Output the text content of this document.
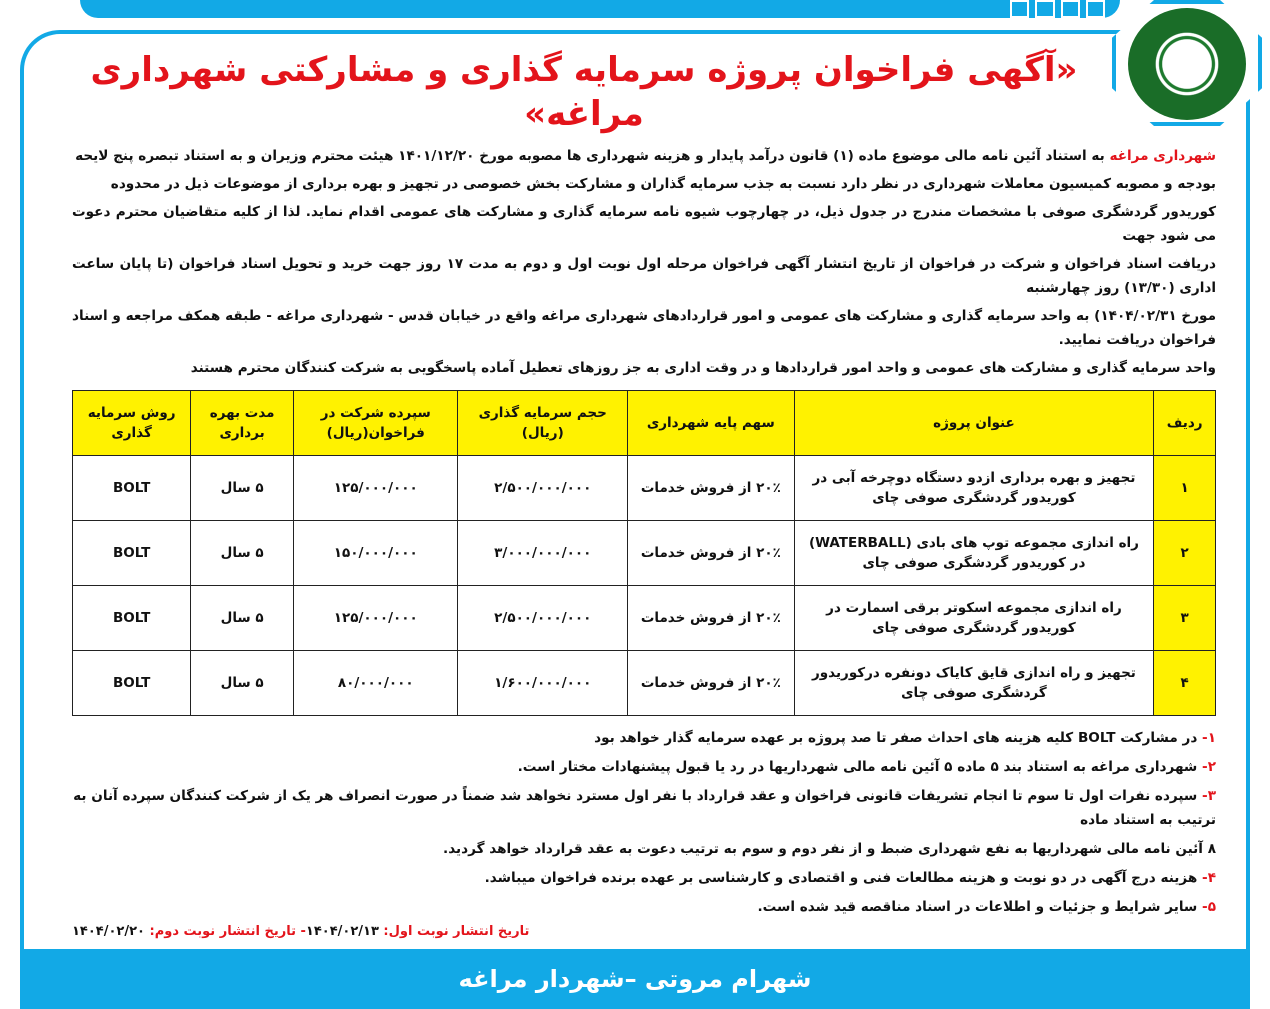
«آگهی فراخوان پروژه سرمایه گذاری و مشارکتی شهرداری مراغه»
شهرداری مراغه به استناد آئین نامه مالی موضوع ماده (۱) قانون درآمد پایدار و هزینه شهرداری ها مصوبه مورخ ۱۴۰۱/۱۲/۲۰ هیئت محترم وزیران و به استناد تبصره پنج لایحه
بودجه و مصوبه کمیسیون معاملات شهرداری در نظر دارد نسبت به جذب سرمایه گذاران و مشارکت بخش خصوصی در تجهیز و بهره برداری از موضوعات ذیل در محدوده
کوریدور گردشگری صوفی با مشخصات مندرج در جدول ذیل، در چهارچوب شیوه نامه سرمایه گذاری و مشارکت های عمومی اقدام نماید. لذا از کلیه متقاضیان محترم دعوت می شود جهت
دریافت اسناد فراخوان و شرکت در فراخوان از تاریخ انتشار آگهی فراخوان مرحله اول نوبت اول و دوم به مدت ۱۷ روز جهت خرید و تحویل اسناد فراخوان (تا پایان ساعت اداری (۱۳/۳۰) روز چهارشنبه
مورخ ۱۴۰۴/۰۲/۳۱) به واحد سرمایه گذاری و مشارکت های عمومی و امور قراردادهای شهرداری مراغه واقع در خیابان قدس - شهرداری مراغه - طبقه همکف مراجعه و اسناد فراخوان دریافت نمایید.
واحد سرمایه گذاری و مشارکت های عمومی و واحد امور قراردادها و در وقت اداری به جز روزهای تعطیل آماده پاسخگویی به شرکت کنندگان محترم هستند
ردیف	عنوان پروژه	سهم پایه شهرداری	حجم سرمایه گذاری (ریال)	سپرده شرکت در فراخوان(ریال)	مدت بهره برداری	روش سرمایه گذاری
۱	تجهیز و بهره برداری ازدو دستگاه دوچرخه آبی در کوریدور گردشگری صوفی چای	۲۰٪ از فروش خدمات	۲/۵۰۰/۰۰۰/۰۰۰	۱۲۵/۰۰۰/۰۰۰	۵ سال	BOLT
۲	راه اندازی مجموعه توپ های بادی (WATERBALL) در کوریدور گردشگری صوفی چای	۲۰٪ از فروش خدمات	۳/۰۰۰/۰۰۰/۰۰۰	۱۵۰/۰۰۰/۰۰۰	۵ سال	BOLT
۳	راه اندازی مجموعه اسکوتر برقی اسمارت در کوریدور گردشگری صوفی چای	۲۰٪ از فروش خدمات	۲/۵۰۰/۰۰۰/۰۰۰	۱۲۵/۰۰۰/۰۰۰	۵ سال	BOLT
۴	تجهیز و راه اندازی قایق کایاک دونفره درکوریدور گردشگری صوفی چای	۲۰٪ از فروش خدمات	۱/۶۰۰/۰۰۰/۰۰۰	۸۰/۰۰۰/۰۰۰	۵ سال	BOLT
۱- در مشارکت BOLT کلیه هزینه های احداث صفر تا صد پروژه بر عهده سرمایه گذار خواهد بود
۲- شهرداری مراغه به استناد بند ۵ ماده ۵ آئین نامه مالی شهرداریها در رد یا قبول پیشنهادات مختار است.
۳- سپرده نفرات اول تا سوم تا انجام تشریفات قانونی فراخوان و عقد قرارداد با نفر اول مسترد نخواهد شد ضمناً در صورت انصراف هر یک از شرکت کنندگان سپرده آنان به ترتیب به استناد ماده
۸ آئین نامه مالی شهرداریها به نفع شهرداری ضبط و از نفر دوم و سوم به ترتیب دعوت به عقد قرارداد خواهد گردید.
۴- هزینه درج آگهی در دو نوبت و هزینه مطالعات فنی و اقتصادی و کارشناسی بر عهده برنده فراخوان میباشد.
۵- سایر شرایط و جزئیات و اطلاعات در اسناد مناقصه قید شده است.
تاریخ انتشار نوبت اول: ۱۴۰۴/۰۲/۱۳- تاریخ انتشار نوبت دوم: ۱۴۰۴/۰۲/۲۰
شهرام مروتی –شهردار مراغه
